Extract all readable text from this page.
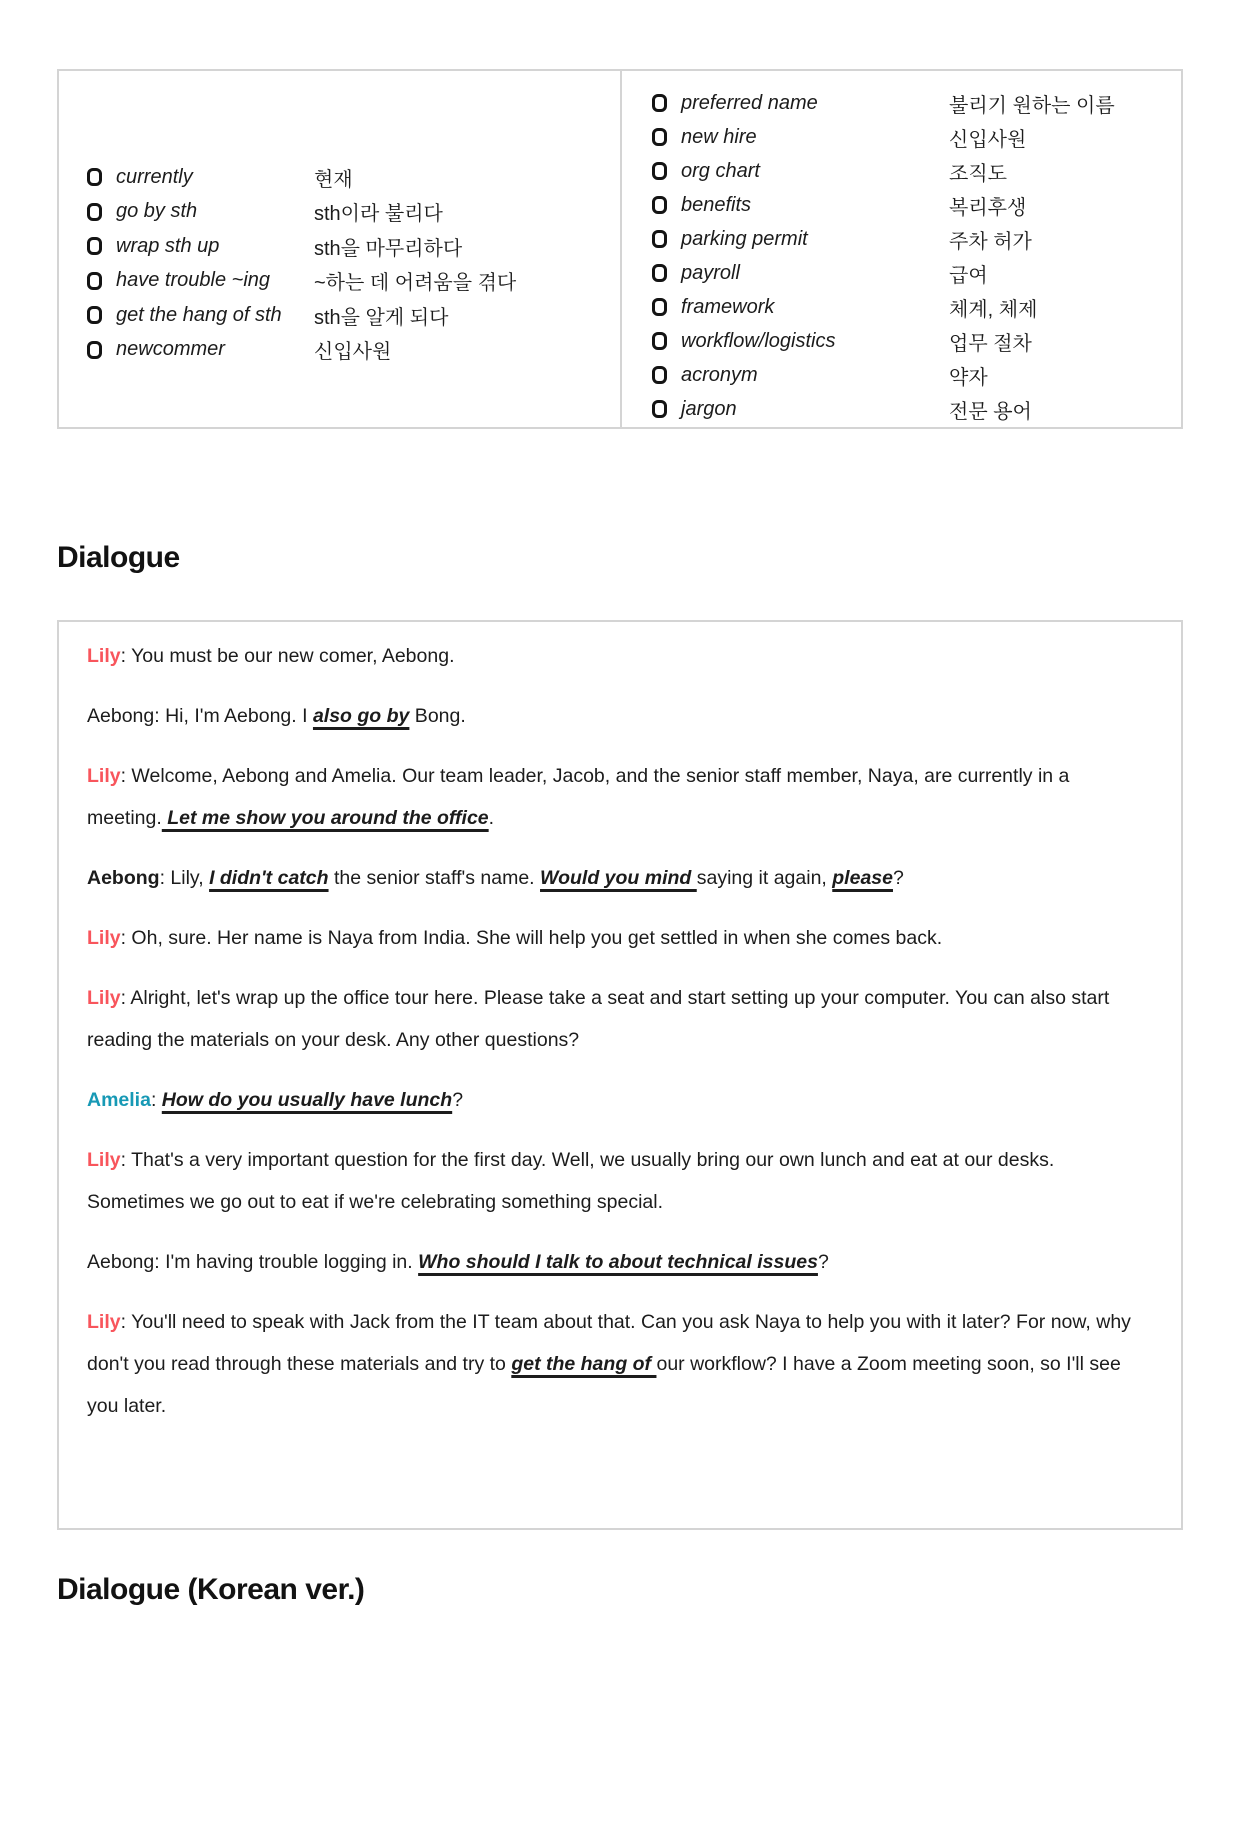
currently	현재
go by sth	sth이라 불리다
wrap sth up	sth을 마무리하다
have trouble ~ing	~하는 데 어려움을 겪다
get the hang of sth	sth을 알게 되다
newcommer	신입사원
preferred name	불리기 원하는 이름
new hire	신입사원
org chart	조직도
benefits	복리후생
parking permit	주차 허가
payroll	급여
framework	체계, 체제
workflow/logistics	업무 절차
acronym	약자
jargon	전문 용어
Dialogue

Lily: You must be our new comer, Aebong.

Aebong: Hi, I'm Aebong. I also go by Bong.

Lily: Welcome, Aebong and Amelia. Our team leader, Jacob, and the senior staff member, Naya, are currently in a meeting. Let me show you around the office.

Aebong: Lily, I didn't catch the senior staff's name. Would you mind saying it again, please?

Lily: Oh, sure. Her name is Naya from India. She will help you get settled in when she comes back.

Lily: Alright, let's wrap up the office tour here. Please take a seat and start setting up your computer. You can also start reading the materials on your desk. Any other questions?

Amelia: How do you usually have lunch?

Lily: That's a very important question for the first day. Well, we usually bring our own lunch and eat at our desks. Sometimes we go out to eat if we're celebrating something special.

Aebong: I'm having trouble logging in. Who should I talk to about technical issues?

Lily: You'll need to speak with Jack from the IT team about that. Can you ask Naya to help you with it later? For now, why don't you read through these materials and try to get the hang of our workflow? I have a Zoom meeting soon, so I'll see you later.

Dialogue (Korean ver.)
